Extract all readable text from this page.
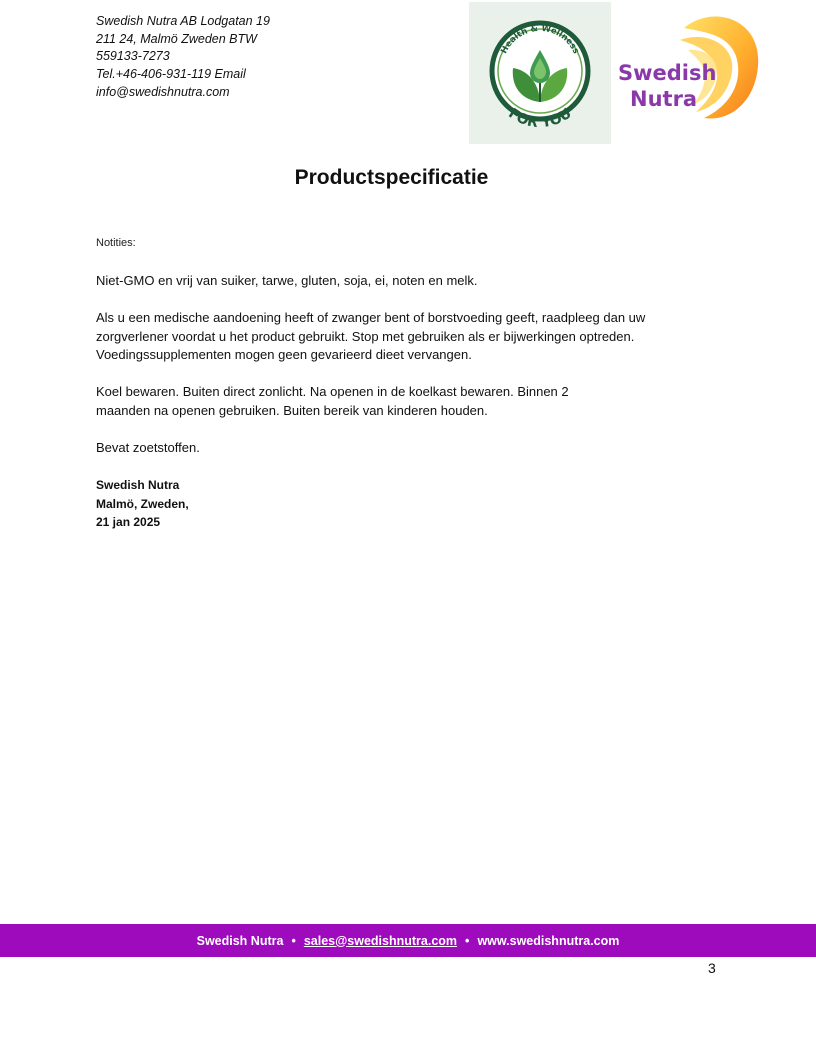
Swedish Nutra AB Lodgatan 19
211 24, Malmö Zweden BTW
559133-7273
Tel.+46-406-931-119 Email
info@swedishnutra.com
Health & Wellness
FOR YOU
Swedish
Nutra
Productspecificatie
Notities:

Niet-GMO en vrij van suiker, tarwe, gluten, soja, ei, noten en melk.

Als u een medische aandoening heeft of zwanger bent of borstvoeding geeft, raadpleeg dan uw
zorgverlener voordat u het product gebruikt. Stop met gebruiken als er bijwerkingen optreden.
Voedingssupplementen mogen geen gevarieerd dieet vervangen.

Koel bewaren. Buiten direct zonlicht. Na openen in de koelkast bewaren. Binnen 2
maanden na openen gebruiken. Buiten bereik van kinderen houden.

Bevat zoetstoffen.

Swedish Nutra
Malmö, Zweden,
21 jan 2025
Swedish Nutra • sales@swedishnutra.com • www.swedishnutra.com
3
